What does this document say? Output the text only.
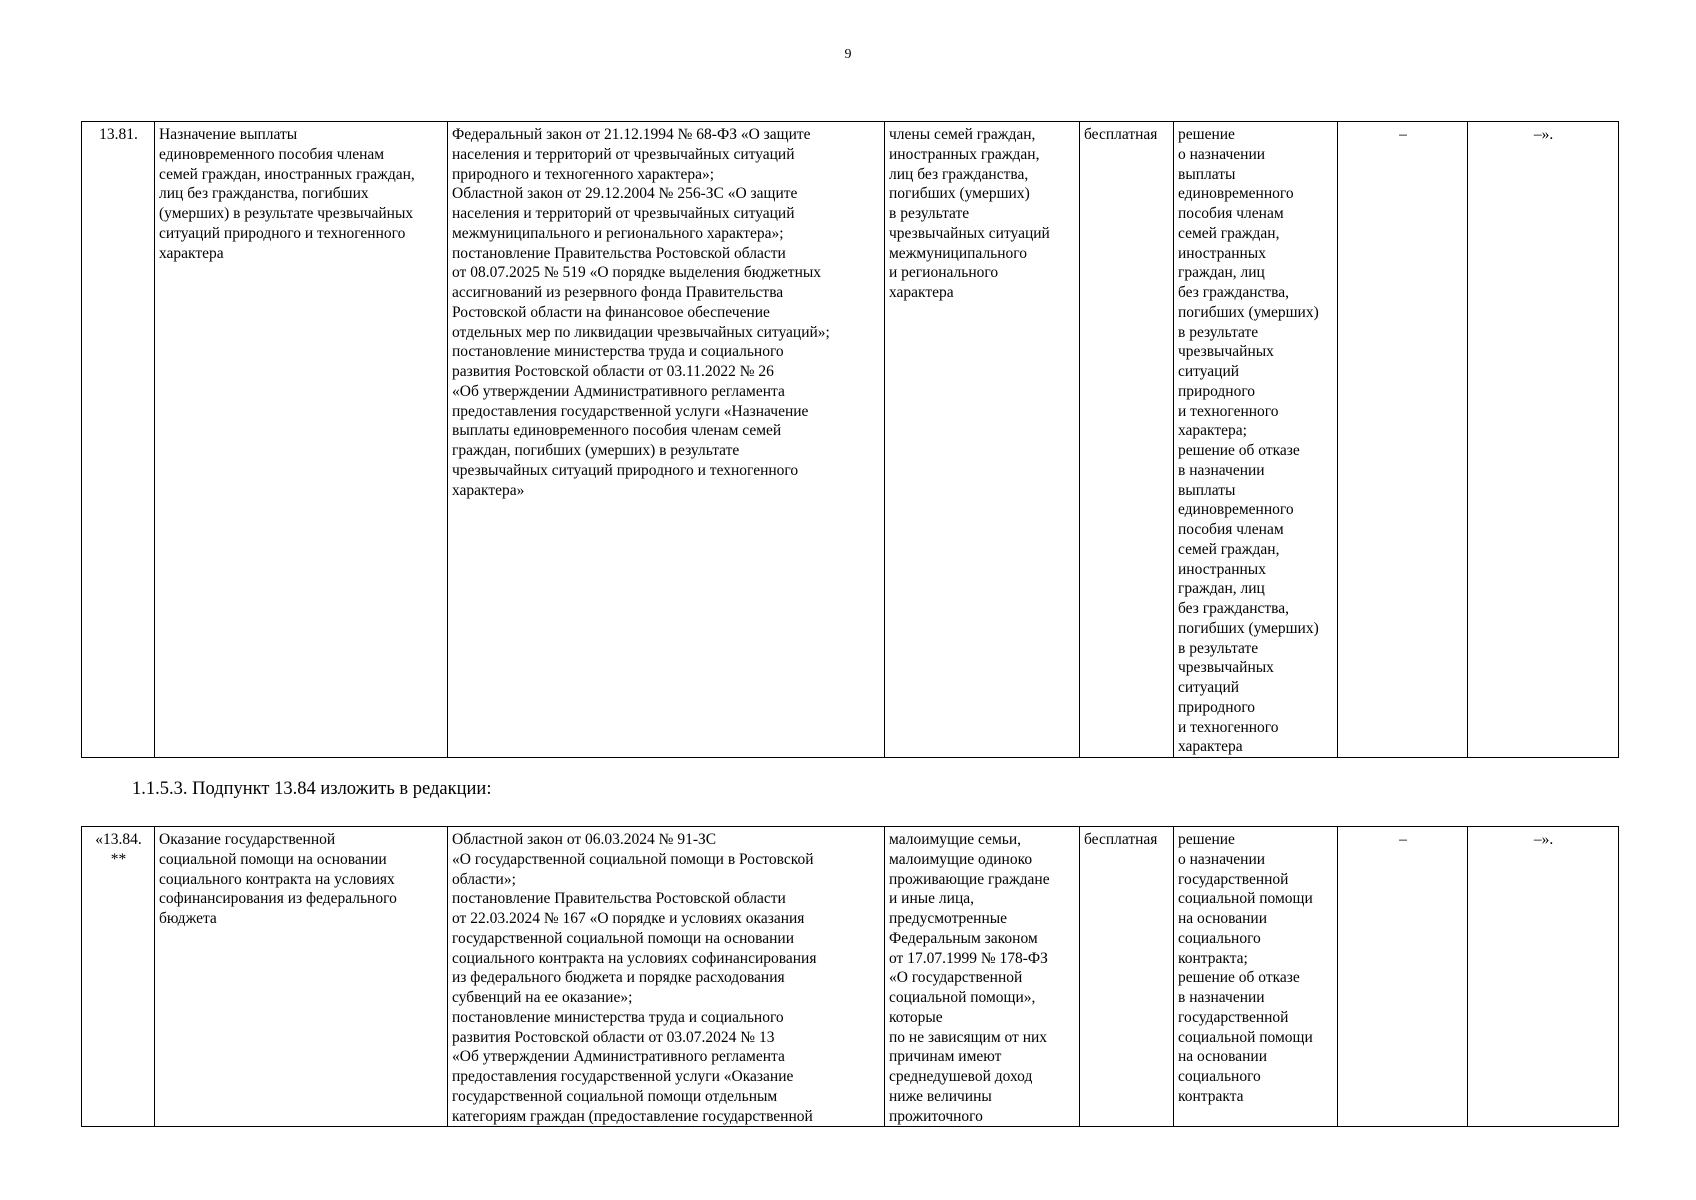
9
13.81.	Назначение выплаты
единовременного пособия членам
семей граждан, иностранных граждан,
лиц без гражданства, погибших
(умерших) в результате чрезвычайных
ситуаций природного и техногенного
характера	Федеральный закон от 21.12.1994 № 68-ФЗ «О защите
населения и территорий от чрезвычайных ситуаций
природного и техногенного характера»;
Областной закон от 29.12.2004 № 256-ЗС «О защите
населения и территорий от чрезвычайных ситуаций
межмуниципального и регионального характера»;
постановление Правительства Ростовской области
от 08.07.2025 № 519 «О порядке выделения бюджетных
ассигнований из резервного фонда Правительства
Ростовской области на финансовое обеспечение
отдельных мер по ликвидации чрезвычайных ситуаций»;
постановление министерства труда и социального
развития Ростовской области от 03.11.2022 № 26
«Об утверждении Административного регламента
предоставления государственной услуги «Назначение
выплаты единовременного пособия членам семей
граждан, погибших (умерших) в результате
чрезвычайных ситуаций природного и техногенного
характера»	члены семей граждан,
иностранных граждан,
лиц без гражданства,
погибших (умерших)
в результате
чрезвычайных ситуаций
межмуниципального
и регионального
характера	бесплатная	решение
о назначении
выплаты
единовременного
пособия членам
семей граждан,
иностранных
граждан, лиц
без гражданства,
погибших (умерших)
в результате
чрезвычайных
ситуаций
природного
и техногенного
характера;
решение об отказе
в назначении
выплаты
единовременного
пособия членам
семей граждан,
иностранных
граждан, лиц
без гражданства,
погибших (умерших)
в результате
чрезвычайных
ситуаций
природного
и техногенного
характера	–	–».
1.1.5.3. Подпункт 13.84 изложить в редакции:
«13.84.
**	Оказание государственной
социальной помощи на основании
социального контракта на условиях
софинансирования из федерального
бюджета	Областной закон от 06.03.2024 № 91-ЗС
«О государственной социальной помощи в Ростовской
области»;
постановление Правительства Ростовской области
от 22.03.2024 № 167 «О порядке и условиях оказания
государственной социальной помощи на основании
социального контракта на условиях софинансирования
из федерального бюджета и порядке расходования
субвенций на ее оказание»;
постановление министерства труда и социального
развития Ростовской области от 03.07.2024 № 13
«Об утверждении Административного регламента
предоставления государственной услуги «Оказание
государственной социальной помощи отдельным
категориям граждан (предоставление государственной	малоимущие семьи,
малоимущие одиноко
проживающие граждане
и иные лица,
предусмотренные
Федеральным законом
от 17.07.1999 № 178-ФЗ
«О государственной
социальной помощи»,
которые
по не зависящим от них
причинам имеют
среднедушевой доход
ниже величины
прожиточного	бесплатная	решение
о назначении
государственной
социальной помощи
на основании
социального
контракта;
решение об отказе
в назначении
государственной
социальной помощи
на основании
социального
контракта	–	–».
